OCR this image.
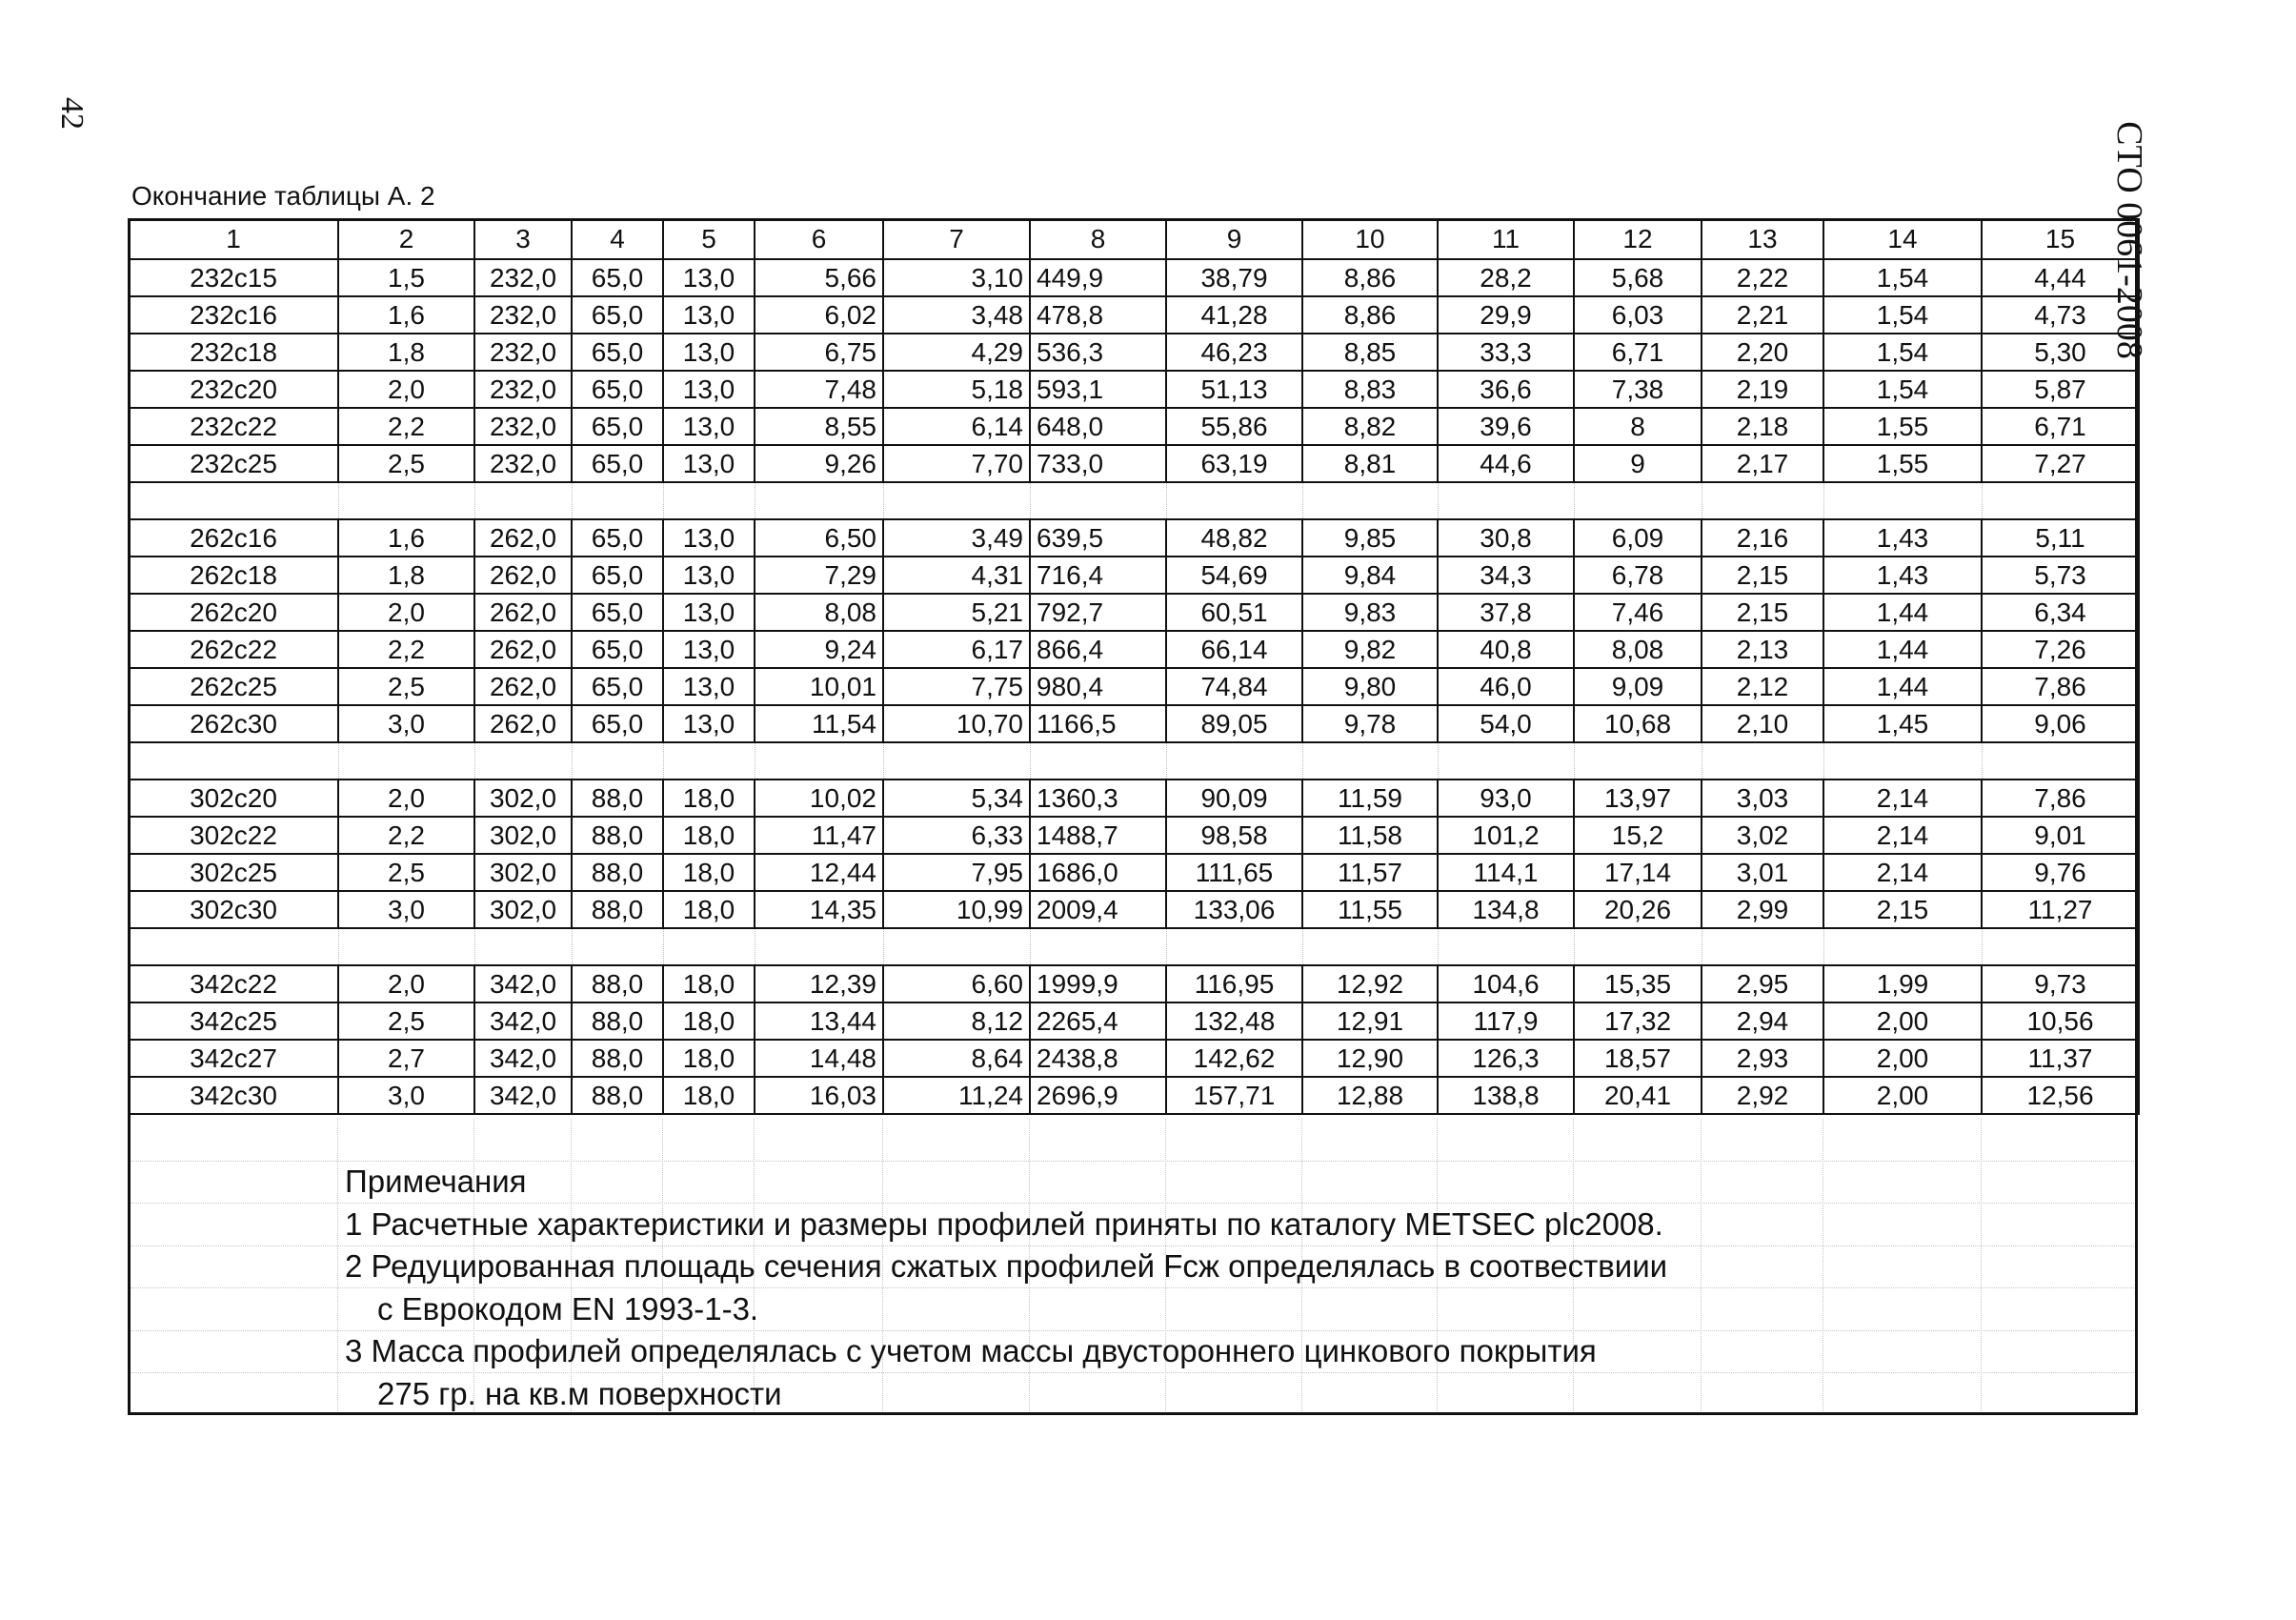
42
СТО 0061-2008
Окончание таблицы А. 2
1	2	3	4	5	6	7	8	9	10	11	12	13	14	15
232c15	1,5	232,0	65,0	13,0	5,66	3,10	449,9	38,79	8,86	28,2	5,68	2,22	1,54	4,44
232c16	1,6	232,0	65,0	13,0	6,02	3,48	478,8	41,28	8,86	29,9	6,03	2,21	1,54	4,73
232c18	1,8	232,0	65,0	13,0	6,75	4,29	536,3	46,23	8,85	33,3	6,71	2,20	1,54	5,30
232c20	2,0	232,0	65,0	13,0	7,48	5,18	593,1	51,13	8,83	36,6	7,38	2,19	1,54	5,87
232c22	2,2	232,0	65,0	13,0	8,55	6,14	648,0	55,86	8,82	39,6	8	2,18	1,55	6,71
232c25	2,5	232,0	65,0	13,0	9,26	7,70	733,0	63,19	8,81	44,6	9	2,17	1,55	7,27

262c16	1,6	262,0	65,0	13,0	6,50	3,49	639,5	48,82	9,85	30,8	6,09	2,16	1,43	5,11
262c18	1,8	262,0	65,0	13,0	7,29	4,31	716,4	54,69	9,84	34,3	6,78	2,15	1,43	5,73
262c20	2,0	262,0	65,0	13,0	8,08	5,21	792,7	60,51	9,83	37,8	7,46	2,15	1,44	6,34
262c22	2,2	262,0	65,0	13,0	9,24	6,17	866,4	66,14	9,82	40,8	8,08	2,13	1,44	7,26
262c25	2,5	262,0	65,0	13,0	10,01	7,75	980,4	74,84	9,80	46,0	9,09	2,12	1,44	7,86
262c30	3,0	262,0	65,0	13,0	11,54	10,70	1166,5	89,05	9,78	54,0	10,68	2,10	1,45	9,06

302c20	2,0	302,0	88,0	18,0	10,02	5,34	1360,3	90,09	11,59	93,0	13,97	3,03	2,14	7,86
302c22	2,2	302,0	88,0	18,0	11,47	6,33	1488,7	98,58	11,58	101,2	15,2	3,02	2,14	9,01
302c25	2,5	302,0	88,0	18,0	12,44	7,95	1686,0	111,65	11,57	114,1	17,14	3,01	2,14	9,76
302c30	3,0	302,0	88,0	18,0	14,35	10,99	2009,4	133,06	11,55	134,8	20,26	2,99	2,15	11,27

342c22	2,0	342,0	88,0	18,0	12,39	6,60	1999,9	116,95	12,92	104,6	15,35	2,95	1,99	9,73
342c25	2,5	342,0	88,0	18,0	13,44	8,12	2265,4	132,48	12,91	117,9	17,32	2,94	2,00	10,56
342c27	2,7	342,0	88,0	18,0	14,48	8,64	2438,8	142,62	12,90	126,3	18,57	2,93	2,00	11,37
342c30	3,0	342,0	88,0	18,0	16,03	11,24	2696,9	157,71	12,88	138,8	20,41	2,92	2,00	12,56
Примечания
1 Расчетные характеристики и размеры профилей приняты по каталогу METSEC plc2008.
2 Редуцированная площадь сечения сжатых профилей Fcж определялась в соотвествиии
с Еврокодом EN 1993-1-3.
3 Масса профилей определялась с учетом массы двустороннего цинкового покрытия
275 гр. на кв.м поверхности
